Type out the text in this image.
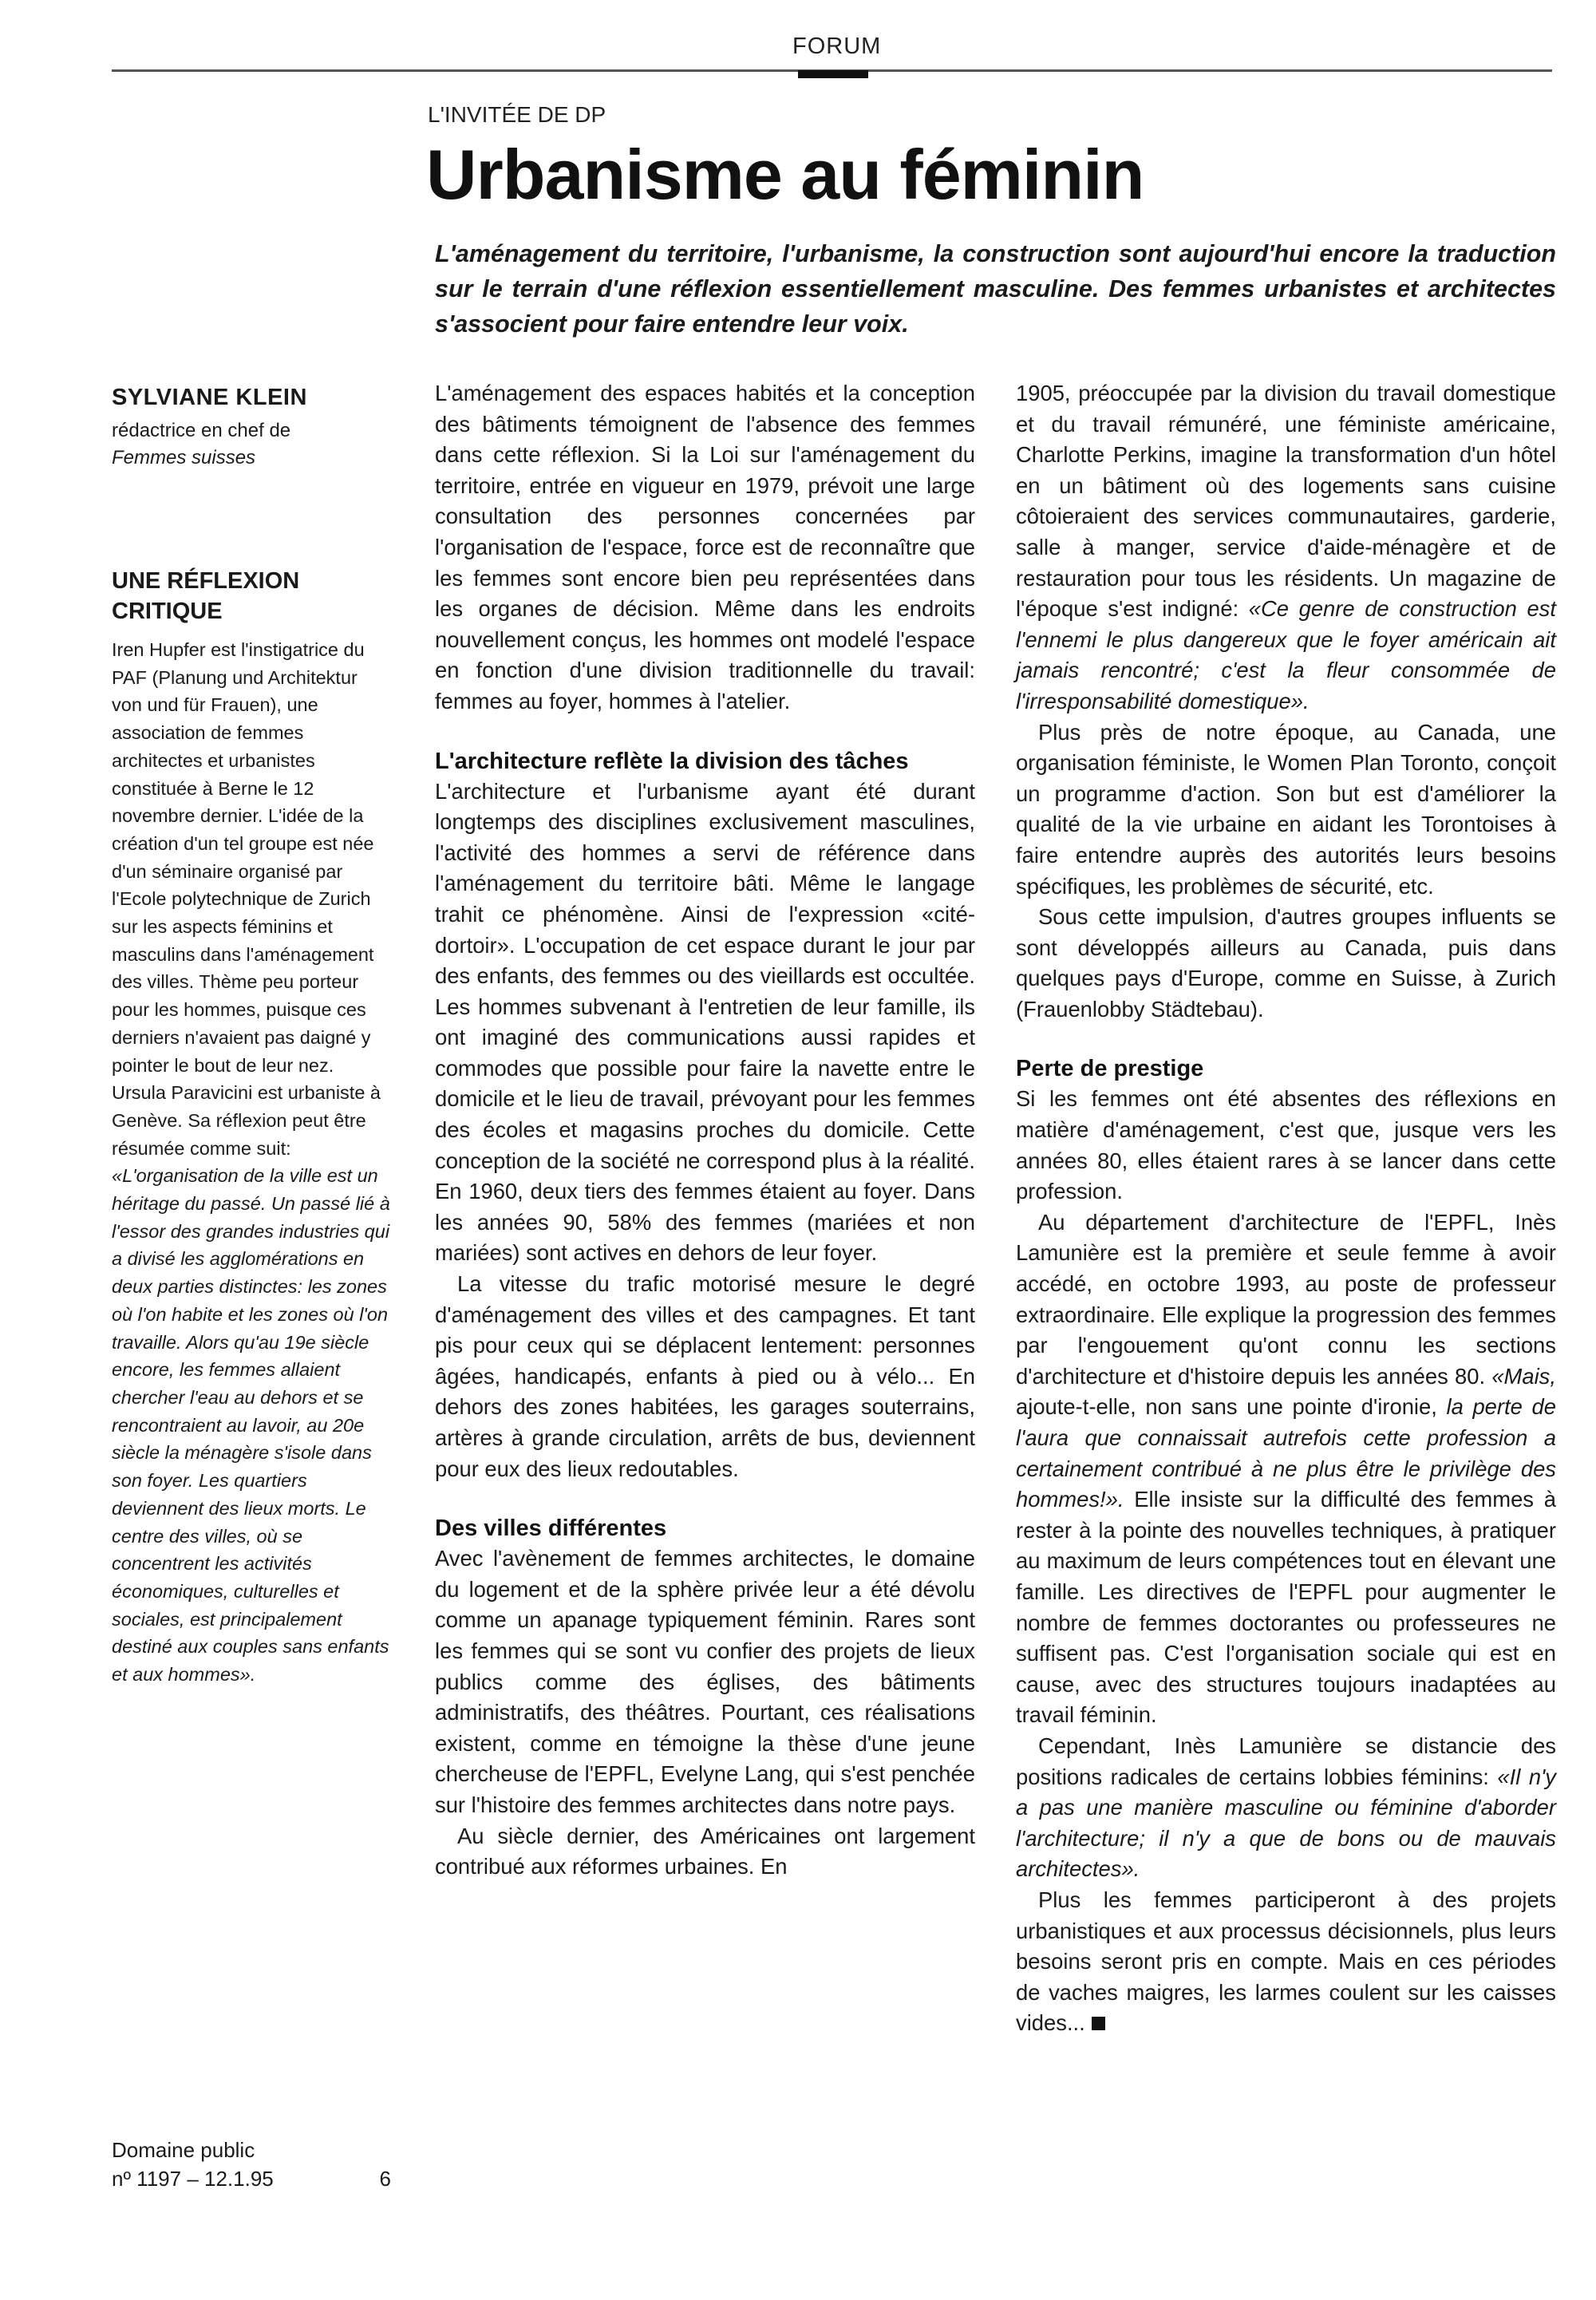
FORUM
L'INVITÉE DE DP
Urbanisme au féminin

L'aménagement du territoire, l'urbanisme, la construction sont aujourd'hui encore la traduction sur le terrain d'une réflexion essentiellement masculine. Des femmes urbanistes et architectes s'associent pour faire entendre leur voix.

SYLVIANE KLEIN

rédactrice en chef de
Femmes suisses

UNE RÉFLEXION CRITIQUE

Iren Hupfer est l'instigatrice du PAF (Planung und Architektur von und für Frauen), une association de femmes architectes et urbanistes constituée à Berne le 12 novembre dernier. L'idée de la création d'un tel groupe est née d'un séminaire organisé par l'Ecole polytechnique de Zurich sur les aspects féminins et masculins dans l'aménagement des villes. Thème peu porteur pour les hommes, puisque ces derniers n'avaient pas daigné y pointer le bout de leur nez.

Ursula Paravicini est urbaniste à Genève. Sa réflexion peut être résumée comme suit: «L'organisation de la ville est un héritage du passé. Un passé lié à l'essor des grandes industries qui a divisé les agglomérations en deux parties distinctes: les zones où l'on habite et les zones où l'on travaille. Alors qu'au 19e siècle encore, les femmes allaient chercher l'eau au dehors et se rencontraient au lavoir, au 20e siècle la ménagère s'isole dans son foyer. Les quartiers deviennent des lieux morts. Le centre des villes, où se concentrent les activités économiques, culturelles et sociales, est principalement destiné aux couples sans enfants et aux hommes».

Domaine public
nº 1197 – 12.1.95	6

L'aménagement des espaces habités et la conception des bâtiments témoignent de l'absence des femmes dans cette réflexion. Si la Loi sur l'aménagement du territoire, entrée en vigueur en 1979, prévoit une large consultation des personnes concernées par l'organisation de l'espace, force est de reconnaître que les femmes sont encore bien peu représentées dans les organes de décision. Même dans les endroits nouvellement conçus, les hommes ont modelé l'espace en fonction d'une division traditionnelle du travail: femmes au foyer, hommes à l'atelier.

L'architecture reflète la division des tâches

L'architecture et l'urbanisme ayant été durant longtemps des disciplines exclusivement masculines, l'activité des hommes a servi de référence dans l'aménagement du territoire bâti. Même le langage trahit ce phénomène. Ainsi de l'expression «cité-dortoir». L'occupation de cet espace durant le jour par des enfants, des femmes ou des vieillards est occultée. Les hommes subvenant à l'entretien de leur famille, ils ont imaginé des communications aussi rapides et commodes que possible pour faire la navette entre le domicile et le lieu de travail, prévoyant pour les femmes des écoles et magasins proches du domicile. Cette conception de la société ne correspond plus à la réalité. En 1960, deux tiers des femmes étaient au foyer. Dans les années 90, 58% des femmes (mariées et non mariées) sont actives en dehors de leur foyer.

La vitesse du trafic motorisé mesure le degré d'aménagement des villes et des campagnes. Et tant pis pour ceux qui se déplacent lentement: personnes âgées, handicapés, enfants à pied ou à vélo... En dehors des zones habitées, les garages souterrains, artères à grande circulation, arrêts de bus, deviennent pour eux des lieux redoutables.

Des villes différentes

Avec l'avènement de femmes architectes, le domaine du logement et de la sphère privée leur a été dévolu comme un apanage typiquement féminin. Rares sont les femmes qui se sont vu confier des projets de lieux publics comme des églises, des bâtiments administratifs, des théâtres. Pourtant, ces réalisations existent, comme en témoigne la thèse d'une jeune chercheuse de l'EPFL, Evelyne Lang, qui s'est penchée sur l'histoire des femmes architectes dans notre pays.

Au siècle dernier, des Américaines ont largement contribué aux réformes urbaines. En

1905, préoccupée par la division du travail domestique et du travail rémunéré, une féministe américaine, Charlotte Perkins, imagine la transformation d'un hôtel en un bâtiment où des logements sans cuisine côtoieraient des services communautaires, garderie, salle à manger, service d'aide-ménagère et de restauration pour tous les résidents. Un magazine de l'époque s'est indigné: «Ce genre de construction est l'ennemi le plus dangereux que le foyer américain ait jamais rencontré; c'est la fleur consommée de l'irresponsabilité domestique».

Plus près de notre époque, au Canada, une organisation féministe, le Women Plan Toronto, conçoit un programme d'action. Son but est d'améliorer la qualité de la vie urbaine en aidant les Torontoises à faire entendre auprès des autorités leurs besoins spécifiques, les problèmes de sécurité, etc.

Sous cette impulsion, d'autres groupes influents se sont développés ailleurs au Canada, puis dans quelques pays d'Europe, comme en Suisse, à Zurich (Frauenlobby Städtebau).

Perte de prestige

Si les femmes ont été absentes des réflexions en matière d'aménagement, c'est que, jusque vers les années 80, elles étaient rares à se lancer dans cette profession.

Au département d'architecture de l'EPFL, Inès Lamunière est la première et seule femme à avoir accédé, en octobre 1993, au poste de professeur extraordinaire. Elle explique la progression des femmes par l'engouement qu'ont connu les sections d'architecture et d'histoire depuis les années 80. «Mais, ajoute-t-elle, non sans une pointe d'ironie, la perte de l'aura que connaissait autrefois cette profession a certainement contribué à ne plus être le privilège des hommes!». Elle insiste sur la difficulté des femmes à rester à la pointe des nouvelles techniques, à pratiquer au maximum de leurs compétences tout en élevant une famille. Les directives de l'EPFL pour augmenter le nombre de femmes doctorantes ou professeures ne suffisent pas. C'est l'organisation sociale qui est en cause, avec des structures toujours inadaptées au travail féminin.

Cependant, Inès Lamunière se distancie des positions radicales de certains lobbies féminins: «Il n'y a pas une manière masculine ou féminine d'aborder l'architecture; il n'y a que de bons ou de mauvais architectes».

Plus les femmes participeront à des projets urbanistiques et aux processus décisionnels, plus leurs besoins seront pris en compte. Mais en ces périodes de vaches maigres, les larmes coulent sur les caisses vides...
